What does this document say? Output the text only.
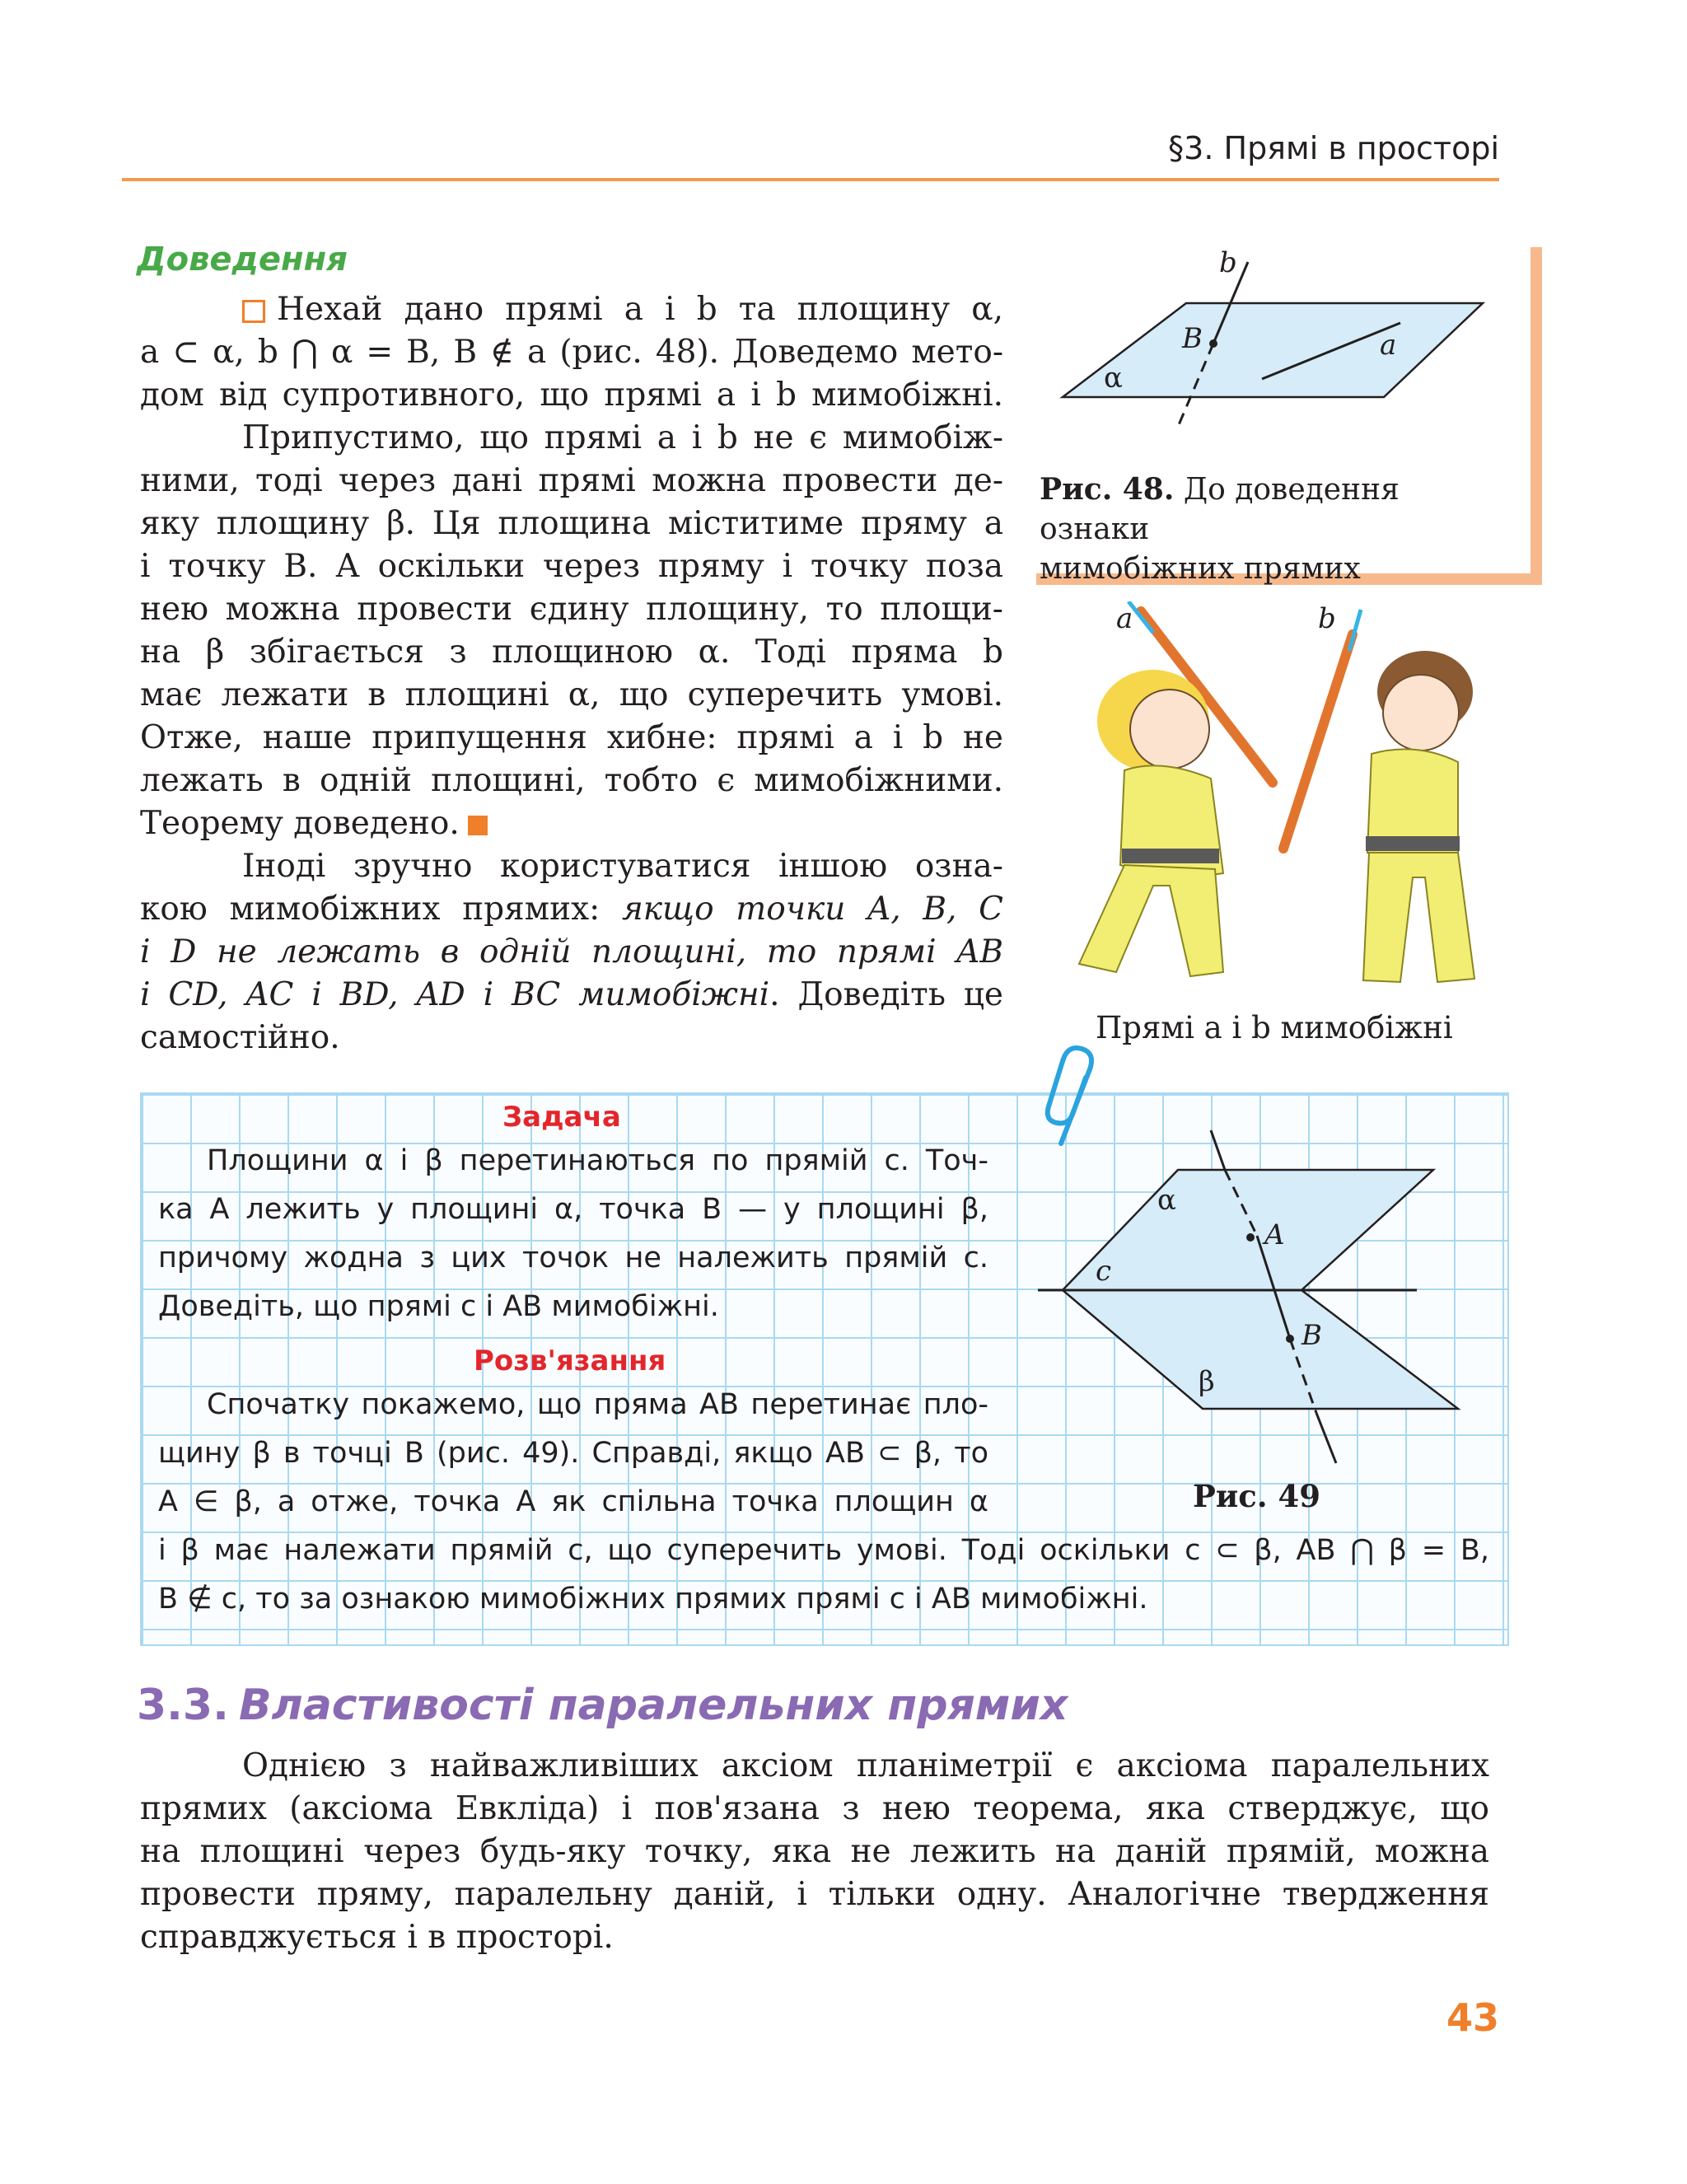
§3. Прямі в просторі
Доведення
Нехай дано прямі a і b та площину α,
a ⊂ α, b ⋂ α = B, B ∉ a (рис. 48). Доведемо мето-
дом від супротивного, що прямі a і b мимобіжні.
Припустимо, що прямі a і b не є мимобіж-
ними, тоді через дані прямі можна провести де-
яку площину β. Ця площина міститиме пряму a
і точку B. А оскільки через пряму і точку поза
нею можна провести єдину площину, то площи-
на β збігається з площиною α. Тоді пряма b
має лежати в площині α, що суперечить умові.
Отже, наше припущення хибне: прямі a і b не
лежать в одній площині, тобто є мимобіжними.
Теорему доведено.
Іноді зручно користуватися іншою озна-
кою мимобіжних прямих: якщо точки A, B, C
і D не лежать в одній площині, то прямі AB
і CD, AC і BD, AD і BC мимобіжні. Доведіть це
самостійно.
b
B	a
α
Рис. 48. До доведення ознаки
мимобіжних прямих
a	b
Прямі a і b мимобіжні
Задача
Площини α і β перетинаються по прямій c. Точ-
ка A лежить у площині α, точка B — у площині β,
причому жодна з цих точок не належить прямій c.
Доведіть, що прямі c і AB мимобіжні.
Розв'язання
Спочатку покажемо, що пряма AB перетинає пло-
щину β в точці B (рис. 49). Справді, якщо AB ⊂ β, то
A ∈ β, а отже, точка A як спільна точка площин α
і β має належати прямій c, що суперечить умові. Тоді оскільки c ⊂ β, AB ⋂ β = B,
B ∉ c, то за ознакою мимобіжних прямих прямі c і AB мимобіжні.
α
A
c
B
β
Рис. 49
3.3. Властивості паралельних прямих
Однією з найважливіших аксіом планіметрії є аксіома паралельних
прямих (аксіома Евкліда) і пов'язана з нею теорема, яка стверджує, що
на площині через будь-яку точку, яка не лежить на даній прямій, можна
провести пряму, паралельну даній, і тільки одну. Аналогічне твердження
справджується і в просторі.
43
